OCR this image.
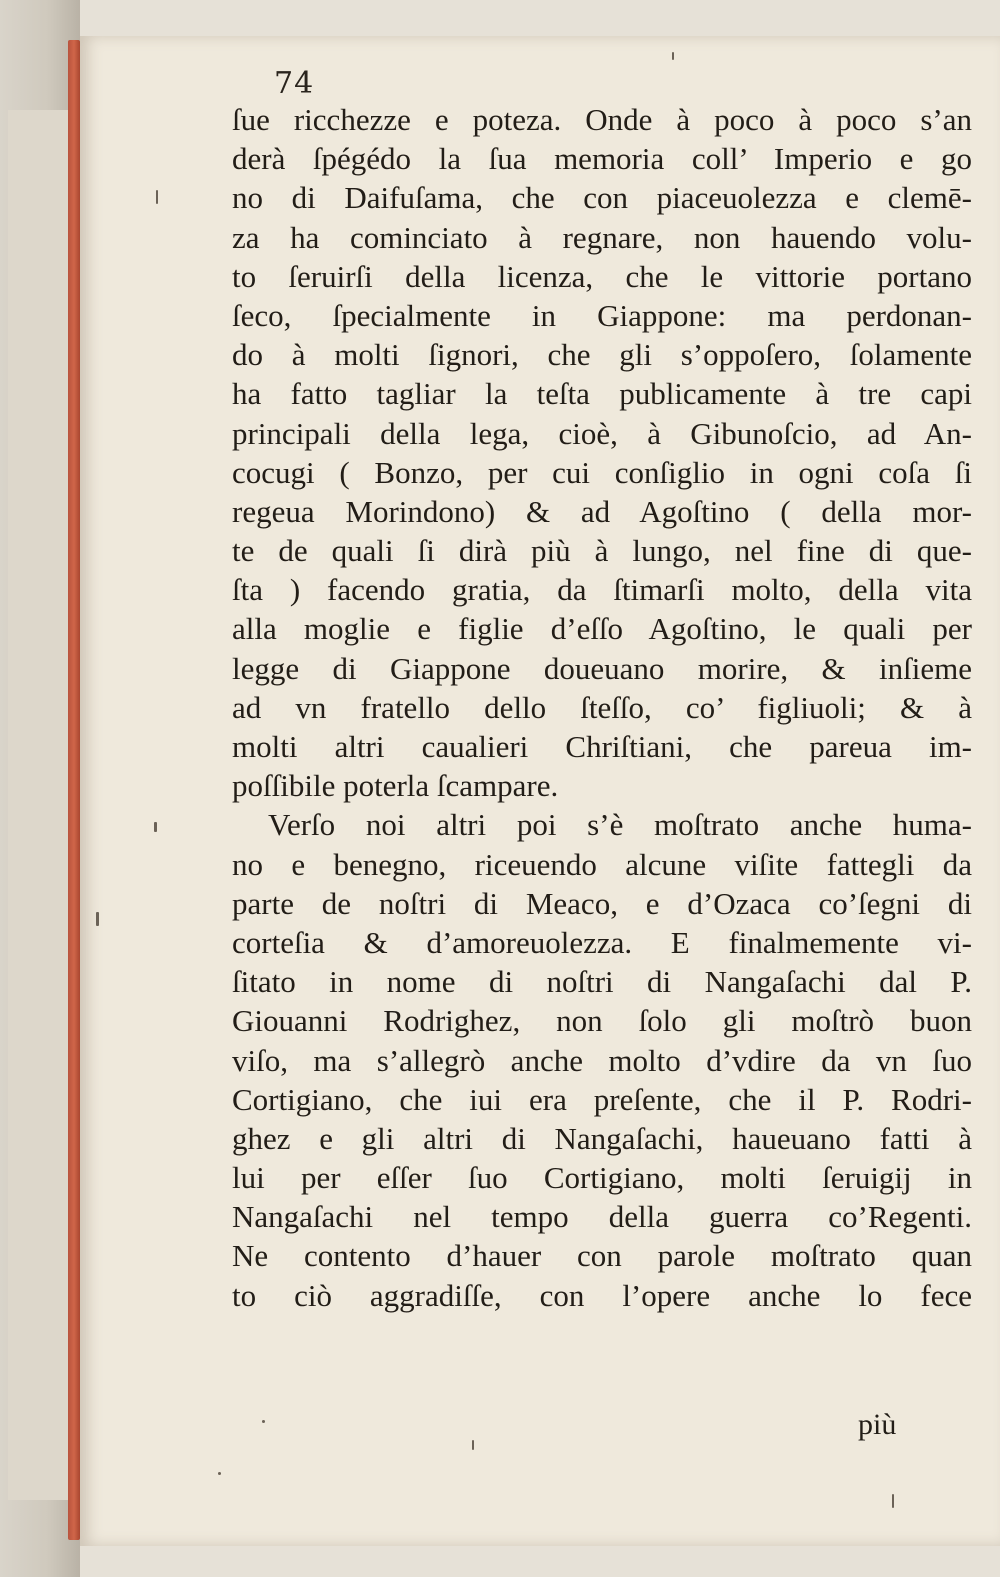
74
ſue ricchezze e poteza. Onde à poco à poco s’an
derà ſpégédo la ſua memoria coll’ Imperio e go
no di Daifuſama, che con piaceuolezza e clemē-
za ha cominciato à regnare, non hauendo volu-
to ſeruirſi della licenza, che le vittorie portano
ſeco, ſpecialmente in Giappone: ma perdonan-
do à molti ſignori, che gli s’oppoſero, ſolamente
ha fatto tagliar la teſta publicamente à tre capi
principali della lega, cioè, à Gibunoſcio, ad An-
cocugi ( Bonzo, per cui conſiglio in ogni coſa ſi
regeua Morindono) & ad Agoſtino ( della mor-
te de quali ſi dirà più à lungo, nel fine di que-
ſta ) facendo gratia, da ſtimarſi molto, della vita
alla moglie e figlie d’eſſo Agoſtino, le quali per
legge di Giappone doueuano morire, & inſieme
ad vn fratello dello ſteſſo, co’ figliuoli; & à
molti altri caualieri Chriſtiani, che pareua im-
poſſibile poterla ſcampare.
Verſo noi altri poi s’è moſtrato anche huma-
no e benegno, riceuendo alcune viſite fattegli da
parte de noſtri di Meaco, e d’Ozaca co’ſegni di
corteſia & d’amoreuolezza. E finalmemente vi-
ſitato in nome di noſtri di Nangaſachi dal P.
Giouanni Rodrighez, non ſolo gli moſtrò buon
viſo, ma s’allegrò anche molto d’vdire da vn ſuo
Cortigiano, che iui era preſente, che il P. Rodri-
ghez e gli altri di Nangaſachi, haueuano fatti à
lui per eſſer ſuo Cortigiano, molti ſeruigij in
Nangaſachi nel tempo della guerra co’Regenti.
Ne contento d’hauer con parole moſtrato quan
to ciò aggradiſſe, con l’opere anche lo fece
più
